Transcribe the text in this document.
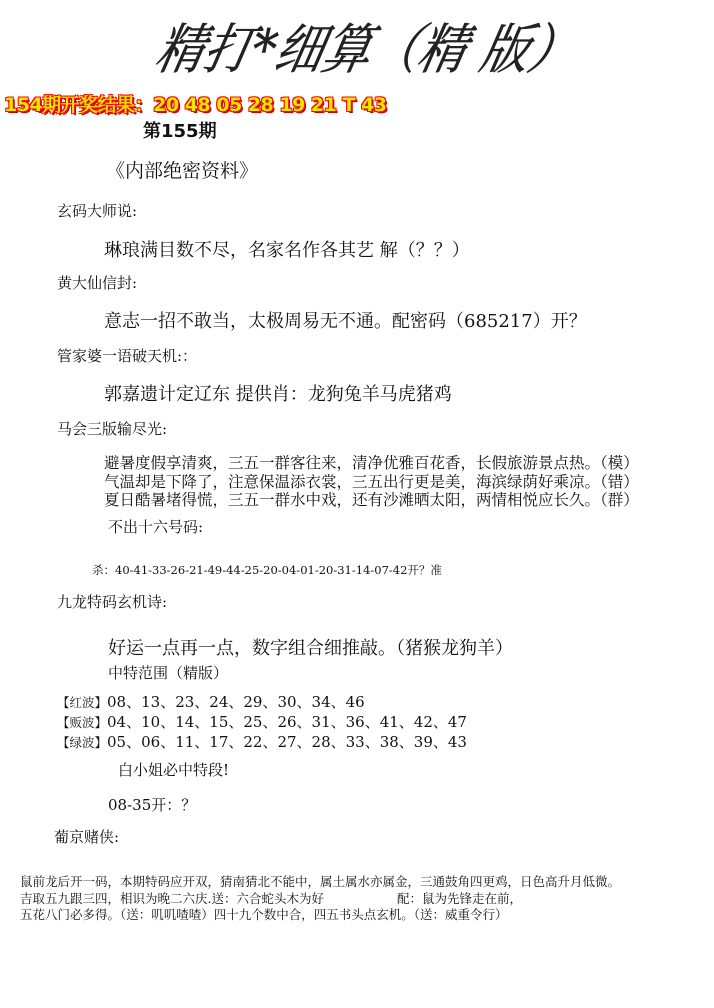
精打*细算（精 版）
154期开奖结果：20 48 05 28 19 21 T 43
第155期
《内部绝密资料》
玄码大师说:
琳琅满目数不尽，名家名作各其艺 解（？？）
黄大仙信封:
意志一招不敢当，太极周易无不通。配密码（685217）开？
管家婆一语破天机:：
郭嘉遗计定辽东 提供肖：龙狗兔羊马虎猪鸡
马会三版输尽光:
避暑度假享清爽，三五一群客往来，清净优雅百花香，长假旅游景点热。（模）
气温却是下降了，注意保温添衣裳，三五出行更是美，海滨绿荫好乘凉。（错）
夏日酷暑堵得慌，三五一群水中戏，还有沙滩晒太阳，两情相悦应长久。（群）
不出十六号码:
杀：40-41-33-26-21-49-44-25-20-04-01-20-31-14-07-42开？准
九龙特码玄机诗:
好运一点再一点，数字组合细推敲。（猪猴龙狗羊）
中特范围（精版）
【红波】08、13、23、24、29、30、34、46
【贩波】04、10、14、15、25、26、31、36、41、42、47
【绿波】05、06、11、17、22、27、28、33、38、39、43
白小姐必中特段!
08-35开：？
葡京赌侠:
鼠前龙后开一码，本期特码应开双，猜南猜北不能中，属土属水亦属金，三通鼓角四更鸡，日色高升月低微。
吉取五九跟三四，相识为晚二六庆.送：六合蛇头木为好	配：鼠为先锋走在前，
五花八门必多得。（送：叽叽喳喳）四十九个数中合，四五书头点玄机。（送：威重令行）
